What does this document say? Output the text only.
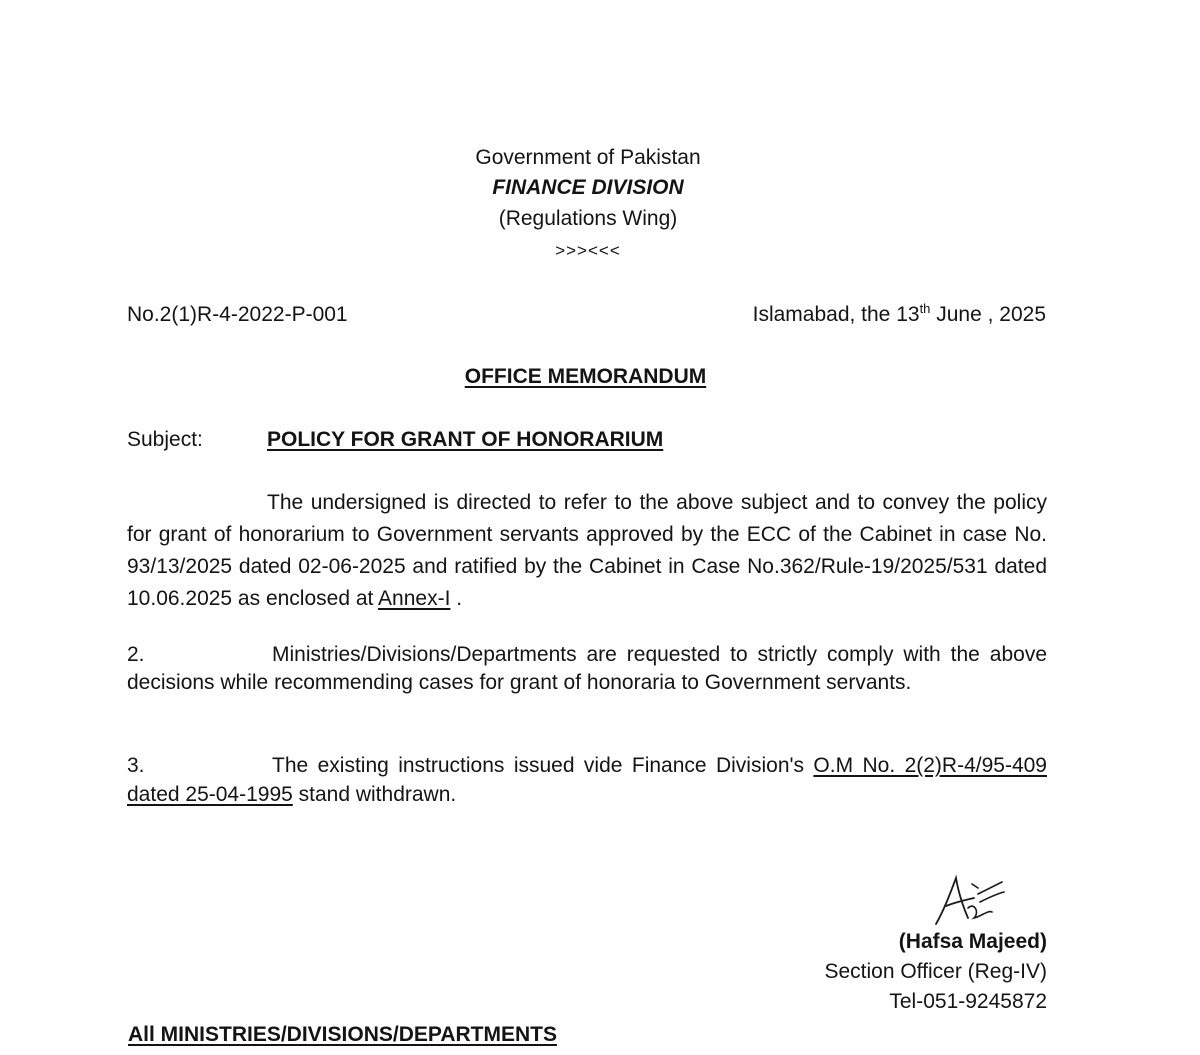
Government of Pakistan
FINANCE DIVISION
(Regulations Wing)
>>><<<
No.2(1)R-4-2022-P-001	Islamabad, the 13th June , 2025
OFFICE MEMORANDUM
Subject:	POLICY FOR GRANT OF HONORARIUM
The undersigned is directed to refer to the above subject and to convey the policy for grant of honorarium to Government servants approved by the ECC of the Cabinet in case No. 93/13/2025 dated 02-06-2025 and ratified by the Cabinet in Case No.362/Rule-19/2025/531 dated 10.06.2025 as enclosed at Annex-I .
2.	Ministries/Divisions/Departments are requested to strictly comply with the above decisions while recommending cases for grant of honoraria to Government servants.
3.	The existing instructions issued vide Finance Division's O.M No. 2(2)R-4/95-409 dated 25-04-1995 stand withdrawn.
(Hafsa Majeed)
Section Officer (Reg-IV)
Tel-051-9245872
All MINISTRIES/DIVISIONS/DEPARTMENTS
